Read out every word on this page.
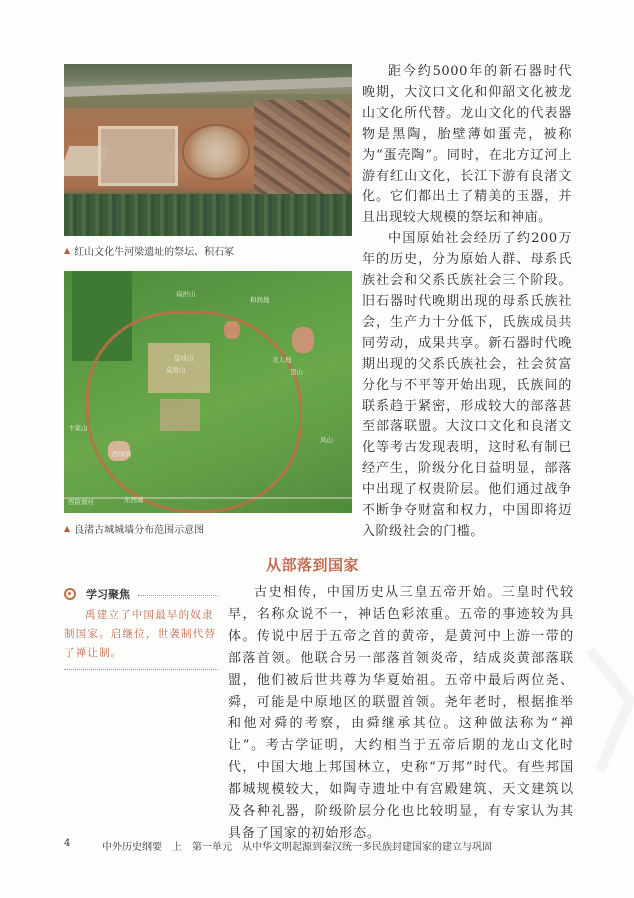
▲ 红山文化牛河梁遗址的祭坛、积石冢
扁担山
和尚地
莫角山
皇坟山	美人地
卞家山
西城墙
西险塘村	东西墙
凤山
里山
▲ 良渚古城城墙分布范围示意图

距今约5000年的新石器时代晚期，大汶口文化和仰韶文化被龙山文化所代替。龙山文化的代表器物是黑陶，胎壁薄如蛋壳，被称为“蛋壳陶”。同时，在北方辽河上游有红山文化，长江下游有良渚文化。它们都出土了精美的玉器，并且出现较大规模的祭坛和神庙。

中国原始社会经历了约200万年的历史，分为原始人群、母系氏族社会和父系氏族社会三个阶段。旧石器时代晚期出现的母系氏族社会，生产力十分低下，氏族成员共同劳动，成果共享。新石器时代晚期出现的父系氏族社会，社会贫富分化与不平等开始出现，氏族间的联系趋于紧密，形成较大的部落甚至部落联盟。大汶口文化和良渚文化等考古发现表明，这时私有制已经产生，阶级分化日益明显，部落中出现了权贵阶层。他们通过战争不断争夺财富和权力，中国即将迈入阶级社会的门槛。

从部落到国家
学习聚焦
禹建立了中国最早的奴隶制国家。启继位，世袭制代替了禅让制。

古史相传，中国历史从三皇五帝开始。三皇时代较早，名称众说不一，神话色彩浓重。五帝的事迹较为具体。传说中居于五帝之首的黄帝，是黄河中上游一带的部落首领。他联合另一部落首领炎帝，结成炎黄部落联盟，他们被后世共尊为华夏始祖。五帝中最后两位尧、舜，可能是中原地区的联盟首领。尧年老时，根据推举和他对舜的考察，由舜继承其位。这种做法称为“禅让”。考古学证明，大约相当于五帝后期的龙山文化时代，中国大地上邦国林立，史称“万邦”时代。有些邦国都城规模较大，如陶寺遗址中有宫殿建筑、天文建筑以及各种礼器，阶级阶层分化也比较明显，有专家认为其具备了国家的初始形态。

4	中外历史纲要 上 第一单元 从中华文明起源到秦汉统一多民族封建国家的建立与巩固
